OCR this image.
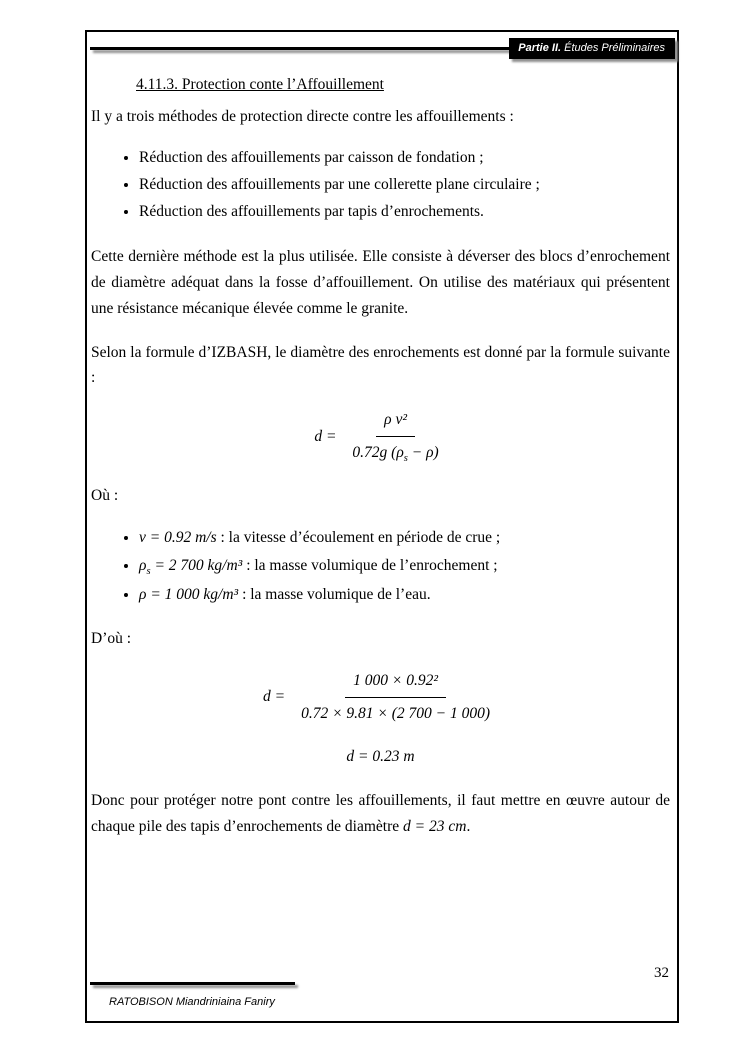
Partie II. Études Préliminaires
4.11.3. Protection conte l’Affouillement

Il y a trois méthodes de protection directe contre les affouillements :

• Réduction des affouillements par caisson de fondation ;
• Réduction des affouillements par une collerette plane circulaire ;
• Réduction des affouillements par tapis d’enrochements.

Cette dernière méthode est la plus utilisée. Elle consiste à déverser des blocs d’enrochement de diamètre adéquat dans la fosse d’affouillement. On utilise des matériaux qui présentent une résistance mécanique élevée comme le granite.

Selon la formule d’IZBASH, le diamètre des enrochements est donné par la formule suivante :

$d = \frac{\text{ρ v²}}{0.72g (\rho_s - \rho)}$

Où :

• v = 0.92 m/s : la vitesse d’écoulement en période de crue ;
• $\rho_s = 2$ 700 kg/m³ : la masse volumique de l’enrochement ;
• ρ = 1 000 kg/m³ : la masse volumique de l’eau.

D’où :

$d = \frac{\text{1 000 × 0.92²}}{0.72 \times 9.81 \times (2 700 - 1 000)}$
d = 0.23 m

Donc pour protéger notre pont contre les affouillements, il faut mettre en œuvre autour de chaque pile des tapis d’enrochements de diamètre d = 23 cm.

32
RATOBISON Miandriniaina Faniry
